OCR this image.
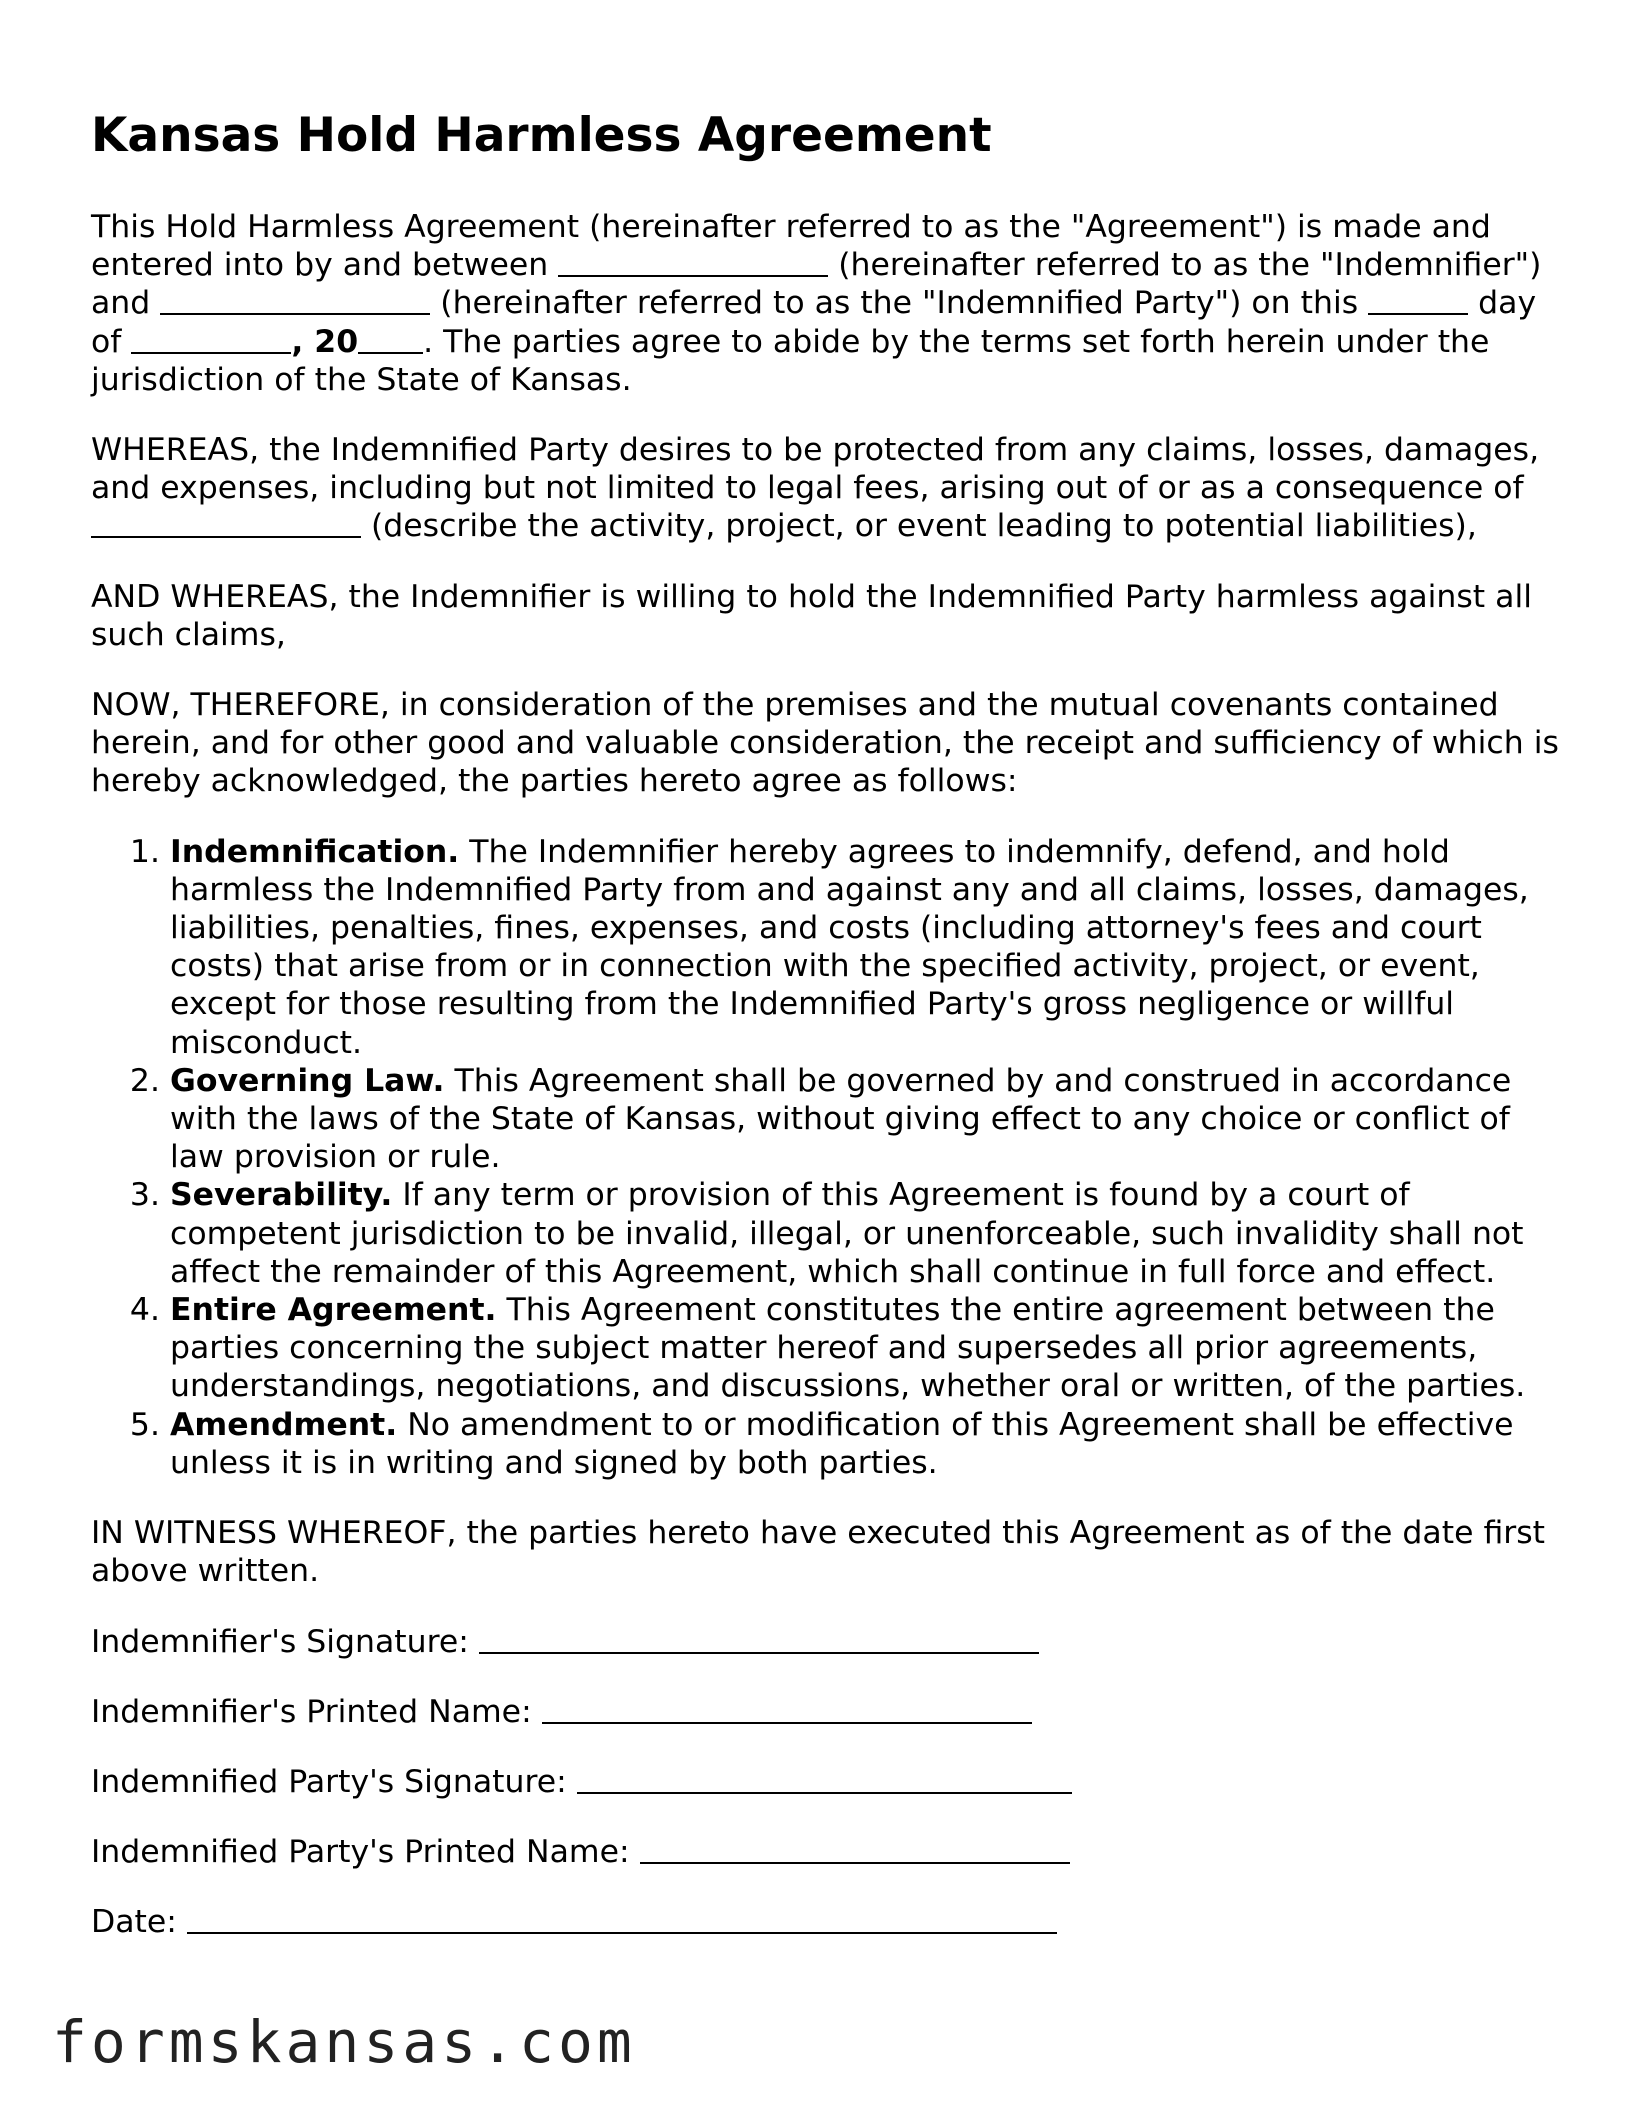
Kansas Hold Harmless Agreement

This Hold Harmless Agreement (hereinafter referred to as the "Agreement") is made and entered into by and between	(hereinafter referred to as the "Indemnifier") and	(hereinafter referred to as the "Indemnified Party") on this	day of	, 20 . The parties agree to abide by the terms set forth herein under the jurisdiction of the State of Kansas.

WHEREAS, the Indemnified Party desires to be protected from any claims, losses, damages, and expenses, including but not limited to legal fees, arising out of or as a consequence of  (describe the activity, project, or event leading to potential liabilities),

AND WHEREAS, the Indemnifier is willing to hold the Indemnified Party harmless against all such claims,

NOW, THEREFORE, in consideration of the premises and the mutual covenants contained herein, and for other good and valuable consideration, the receipt and sufficiency of which is hereby acknowledged, the parties hereto agree as follows:

1. Indemnification. The Indemnifier hereby agrees to indemnify, defend, and hold harmless the Indemnified Party from and against any and all claims, losses, damages, liabilities, penalties, fines, expenses, and costs (including attorney's fees and court costs) that arise from or in connection with the specified activity, project, or event, except for those resulting from the Indemnified Party's gross negligence or willful misconduct.
2. Governing Law. This Agreement shall be governed by and construed in accordance with the laws of the State of Kansas, without giving effect to any choice or conflict of law provision or rule.
3. Severability. If any term or provision of this Agreement is found by a court of competent jurisdiction to be invalid, illegal, or unenforceable, such invalidity shall not affect the remainder of this Agreement, which shall continue in full force and effect.
4. Entire Agreement. This Agreement constitutes the entire agreement between the parties concerning the subject matter hereof and supersedes all prior agreements, understandings, negotiations, and discussions, whether oral or written, of the parties.
5. Amendment. No amendment to or modification of this Agreement shall be effective unless it is in writing and signed by both parties.

IN WITNESS WHEREOF, the parties hereto have executed this Agreement as of the date first above written.

Indemnifier's Signature:
Indemnifier's Printed Name:
Indemnified Party's Signature:
Indemnified Party's Printed Name:
Date:
formskansas.com
